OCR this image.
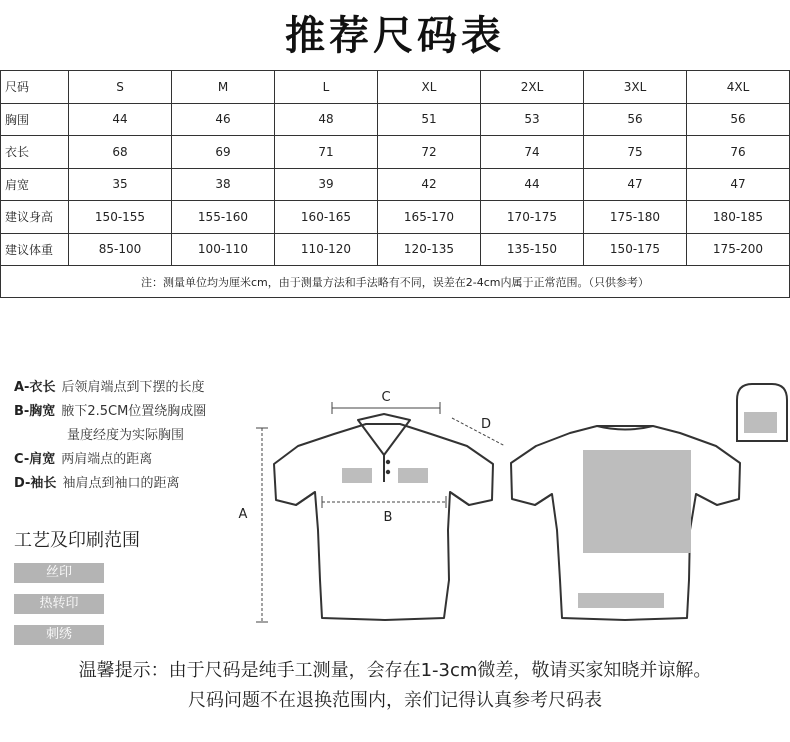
推荐尺码表
尺码	S	M	L	XL	2XL	3XL	4XL
胸围	44	46	48	51	53	56	56
衣长	68	69	71	72	74	75	76
肩宽	35	38	39	42	44	47	47
建议身高	150-155	155-160	160-165	165-170	170-175	175-180	180-185
建议体重	85-100	100-110	110-120	120-135	135-150	150-175	175-200
注：测量单位均为厘米cm，由于测量方法和手法略有不同，误差在2-4cm内属于正常范围。（只供参考）							
A-衣长 后领肩端点到下摆的长度
B-胸宽 腋下2.5CM位置绕胸成圈
量度经度为实际胸围
C-肩宽 两肩端点的距离
D-袖长 袖肩点到袖口的距离
工艺及印刷范围
丝印
热转印
刺绣
C
B
A
D
温馨提示：由于尺码是纯手工测量，会存在1-3cm微差，敬请买家知晓并谅解。
尺码问题不在退换范围内，亲们记得认真参考尺码表
